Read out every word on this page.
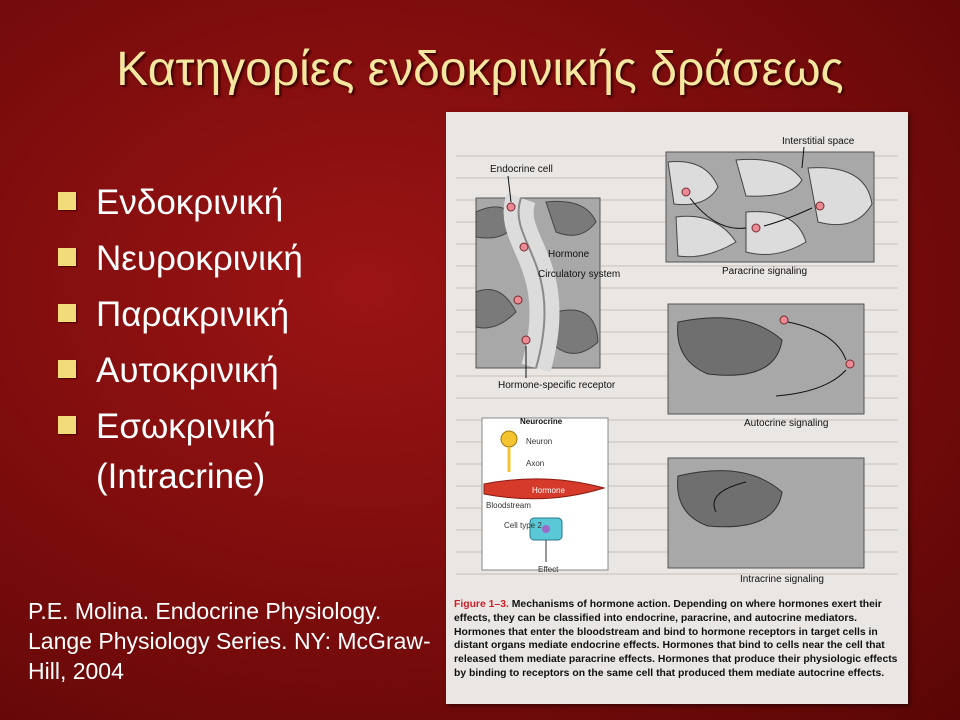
Κατηγορίες ενδοκρινικής δράσεως
Ενδοκρινική
Νευροκρινική
Παρακρινική
Αυτοκρινική
Εσωκρινική
(Intracrine)
P.E. Molina. Endocrine Physiology. Lange Physiology Series. NY: McGraw-Hill, 2004
Endocrine cell
Hormone
Circulatory system
Hormone-specific receptor
Interstitial space
Paracrine signaling
Autocrine signaling
Neurocrine
Neuron
Axon
Hormone
Bloodstream
Cell type 2
Effect
Intracrine signaling
Figure 1–3. Mechanisms of hormone action. Depending on where hormones exert their effects, they can be classified into endocrine, paracrine, and autocrine mediators. Hormones that enter the bloodstream and bind to hormone receptors in target cells in distant organs mediate endocrine effects. Hormones that bind to cells near the cell that released them mediate paracrine effects. Hormones that produce their physiologic effects by binding to receptors on the same cell that produced them mediate autocrine effects.
